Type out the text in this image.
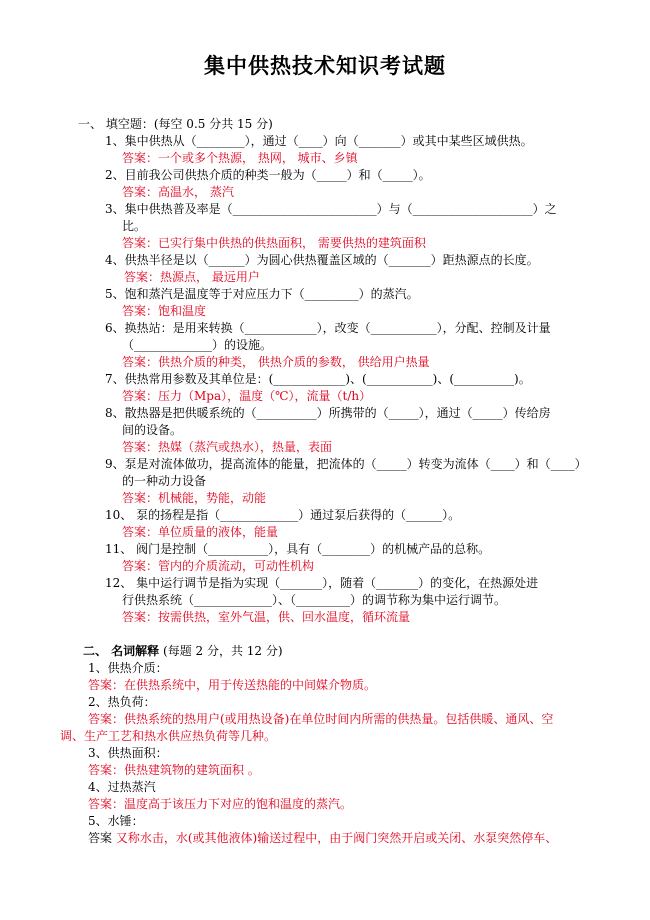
集中供热技术知识考试题
一、 填空题：(每空 0.5 分共 15 分)
1、集中供热从（________），通过（____）向（_______）或其中某些区域供热。
答案：一个或多个热源， 热网， 城市、乡镇
2、目前我公司供热介质的种类一般为（_____）和（_____）。
答案：高温水， 蒸汽
3、集中供热普及率是（________________________）与（____________________）之
比。
答案：已实行集中供热的供热面积， 需要供热的建筑面积
4、供热半径是以（______）为圆心供热覆盖区域的（_______）距热源点的长度。
答案：热源点， 最远用户
5、饱和蒸汽是温度等于对应压力下（_________）的蒸汽。
答案：饱和温度
6、换热站：是用来转换（____________），改变（___________），分配、控制及计量
（_____________）的设施。
答案：供热介质的种类， 供热介质的参数， 供给用户热量
7、供热常用参数及其单位是：(____________)、(___________)、(__________)。
答案：压力（Mpa），温度（℃），流量（t/h）
8、散热器是把供暖系统的（__________）所携带的（_____），通过（_____）传给房
间的设备。
答案：热媒（蒸汽或热水），热量，表面
9、泵是对流体做功，提高流体的能量，把流体的（_____）转变为流体（____）和（____）
的一种动力设备
答案：机械能，势能，动能
10、 泵的扬程是指（_____________）通过泵后获得的（______）。
答案：单位质量的液体，能量
11、 阀门是控制（__________），具有（________）的机械产品的总称。
答案：管内的介质流动，可动性机构
12、 集中运行调节是指为实现（_______），随着（_______）的变化，在热源处进
行供热系统（_____________）、（_________）的调节称为集中运行调节。
答案：按需供热，室外气温，供、回水温度，循环流量
二、 名词解释 (每题 2 分，共 12 分)
1、供热介质：
答案：在供热系统中，用于传送热能的中间媒介物质。
2、热负荷：
答案：供热系统的热用户(或用热设备)在单位时间内所需的供热量。包括供暖、通风、空
调、生产工艺和热水供应热负荷等几种。
3、供热面积：
答案：供热建筑物的建筑面积 。
4、过热蒸汽
答案：温度高于该压力下对应的饱和温度的蒸汽。
5、水锤：
答案 又称水击，水(或其他液体)输送过程中，由于阀门突然开启或关闭、水泵突然停车、
